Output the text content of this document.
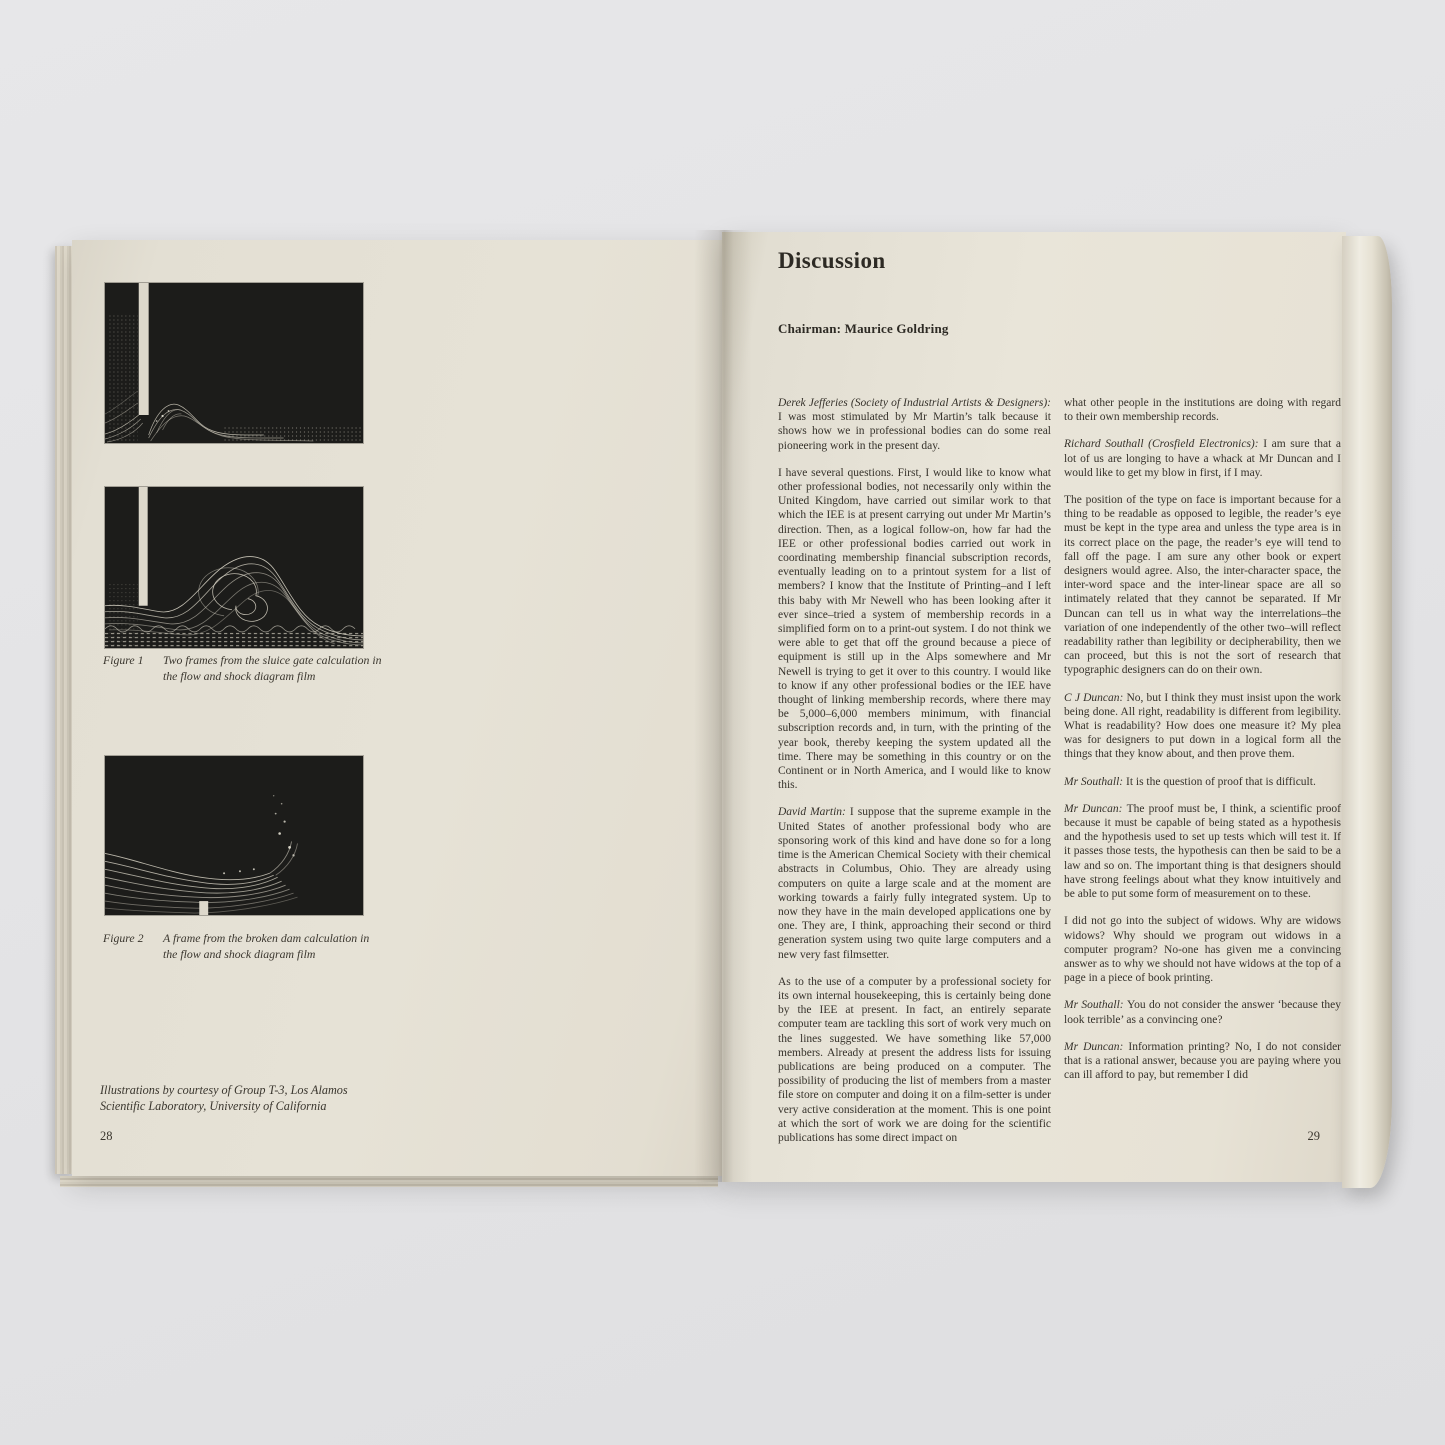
Figure 1	Two frames from the sluice gate calculation in the flow and shock diagram film
Figure 2	A frame from the broken dam calculation in the flow and shock diagram film
Illustrations by courtesy of Group T-3, Los Alamos Scientific Laboratory, University of California
28
Discussion
Chairman: Maurice Goldring

Derek Jefferies (Society of Industrial Artists & Designers): I was most stimulated by Mr Martin’s talk because it shows how we in professional bodies can do some real pioneering work in the present day.

I have several questions. First, I would like to know what other professional bodies, not necessarily only within the United Kingdom, have carried out similar work to that which the IEE is at present carrying out under Mr Martin’s direction. Then, as a logical follow-on, how far had the IEE or other professional bodies carried out work in coordinating membership financial subscription records, eventually leading on to a printout system for a list of members? I know that the Institute of Printing–and I left this baby with Mr Newell who has been looking after it ever since–tried a system of membership records in a simplified form on to a print-out system. I do not think we were able to get that off the ground because a piece of equipment is still up in the Alps somewhere and Mr Newell is trying to get it over to this country. I would like to know if any other professional bodies or the IEE have thought of linking membership records, where there may be 5,000–6,000 members minimum, with financial subscription records and, in turn, with the printing of the year book, thereby keeping the system updated all the time. There may be something in this country or on the Continent or in North America, and I would like to know this.

David Martin: I suppose that the supreme example in the United States of another professional body who are sponsoring work of this kind and have done so for a long time is the American Chemical Society with their chemical abstracts in Columbus, Ohio. They are already using computers on quite a large scale and at the moment are working towards a fairly fully integrated system. Up to now they have in the main developed applications one by one. They are, I think, approaching their second or third generation system using two quite large computers and a new very fast filmsetter.

As to the use of a computer by a professional society for its own internal housekeeping, this is certainly being done by the IEE at present. In fact, an entirely separate computer team are tackling this sort of work very much on the lines suggested. We have something like 57,000 members. Already at present the address lists for issuing publications are being produced on a computer. The possibility of producing the list of members from a master file store on computer and doing it on a film-setter is under very active consideration at the moment. This is one point at which the sort of work we are doing for the scientific publications has some direct impact on

what other people in the institutions are doing with regard to their own membership records.

Richard Southall (Crosfield Electronics): I am sure that a lot of us are longing to have a whack at Mr Duncan and I would like to get my blow in first, if I may.

The position of the type on face is important because for a thing to be readable as opposed to legible, the reader’s eye must be kept in the type area and unless the type area is in its correct place on the page, the reader’s eye will tend to fall off the page. I am sure any other book or expert designers would agree. Also, the inter-character space, the inter-word space and the inter-linear space are all so intimately related that they cannot be separated. If Mr Duncan can tell us in what way the interrelations–the variation of one independently of the other two–will reflect readability rather than legibility or decipherability, then we can proceed, but this is not the sort of research that typographic designers can do on their own.

C J Duncan: No, but I think they must insist upon the work being done. All right, readability is different from legibility. What is readability? How does one measure it? My plea was for designers to put down in a logical form all the things that they know about, and then prove them.

Mr Southall: It is the question of proof that is difficult.

Mr Duncan: The proof must be, I think, a scientific proof because it must be capable of being stated as a hypothesis and the hypothesis used to set up tests which will test it. If it passes those tests, the hypothesis can then be said to be a law and so on. The important thing is that designers should have strong feelings about what they know intuitively and be able to put some form of measurement on to these.

I did not go into the subject of widows. Why are widows widows? Why should we program out widows in a computer program? No-one has given me a convincing answer as to why we should not have widows at the top of a page in a piece of book printing.

Mr Southall: You do not consider the answer ‘because they look terrible’ as a convincing one?

Mr Duncan: Information printing? No, I do not consider that is a rational answer, because you are paying where you can ill afford to pay, but remember I did

29
